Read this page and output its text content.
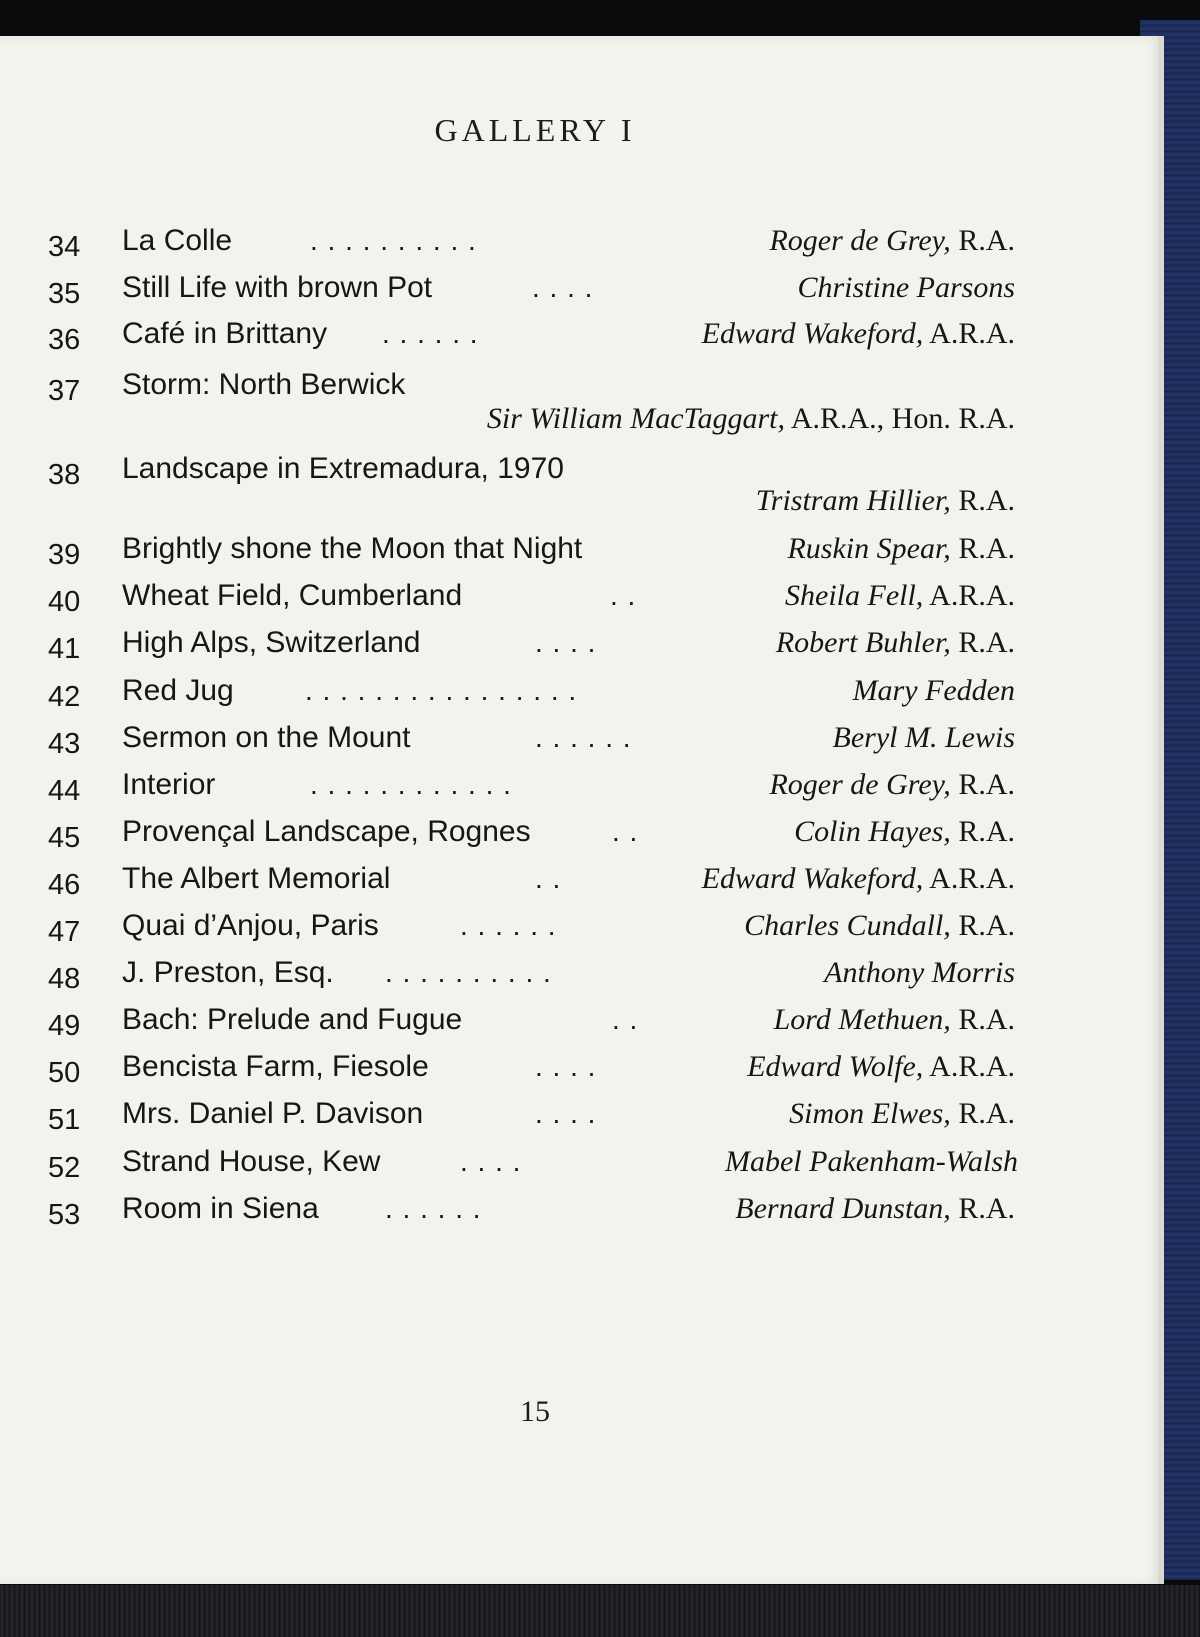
GALLERY I
34 La Colle	. . . . . . . . . .	Roger de Grey, R.A.
35 Still Life with brown Pot	. . . .	Christine Parsons
36 Café in Brittany . . . . . .	Edward Wakeford, A.R.A.
37 Storm: North Berwick
Sir William MacTaggart, A.R.A., Hon. R.A.
38 Landscape in Extremadura, 1970
Tristram Hillier, R.A.
39 Brightly shone the Moon that Night	Ruskin Spear, R.A.
40 Wheat Field, Cumberland	. .	Sheila Fell, A.R.A.
41 High Alps, Switzerland	. . . .	Robert Buhler, R.A.
42 Red Jug	. . . . . . . . . . . . . . . .	Mary Fedden
43 Sermon on the Mount	. . . . . .	Beryl M. Lewis
44 Interior	. . . . . . . . . . . .	Roger de Grey, R.A.
45 Provençal Landscape, Rognes	. .	Colin Hayes, R.A.
46 The Albert Memorial	. .	Edward Wakeford, A.R.A.
47 Quai d’Anjou, Paris	. . . . . .	Charles Cundall, R.A.
48 J. Preston, Esq. . . . . . . . . . .	Anthony Morris
49 Bach: Prelude and Fugue	. .	Lord Methuen, R.A.
50 Bencista Farm, Fiesole	. . . .	Edward Wolfe, A.R.A.
51 Mrs. Daniel P. Davison	. . . .	Simon Elwes, R.A.
52 Strand House, Kew	. . . .	Mabel Pakenham-Walsh
53 Room in Siena . . . . . .	Bernard Dunstan, R.A.
15
